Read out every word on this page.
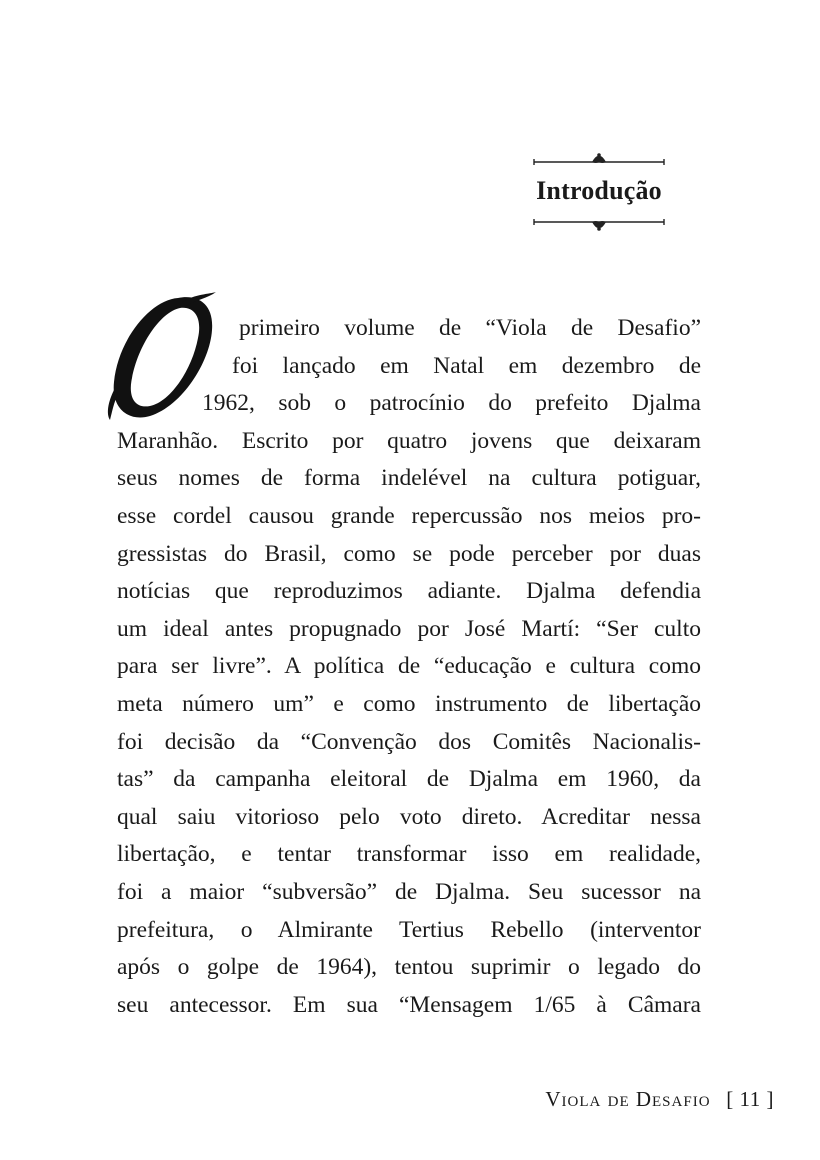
Introdução
primeiro volume de “Viola de Desafio”
foi lançado em Natal em dezembro de
1962, sob o patrocínio do prefeito Djalma
Maranhão. Escrito por quatro jovens que deixaram
seus nomes de forma indelével na cultura potiguar,
esse cordel causou grande repercussão nos meios pro-
gressistas do Brasil, como se pode perceber por duas
notícias que reproduzimos adiante. Djalma defendia
um ideal antes propugnado por José Martí: “Ser culto
para ser livre”. A política de “educação e cultura como
meta número um” e como instrumento de libertação
foi decisão da “Convenção dos Comitês Nacionalis-
tas” da campanha eleitoral de Djalma em 1960, da
qual saiu vitorioso pelo voto direto. Acreditar nessa
libertação, e tentar transformar isso em realidade,
foi a maior “subversão” de Djalma. Seu sucessor na
prefeitura, o Almirante Tertius Rebello (interventor
após o golpe de 1964), tentou suprimir o legado do
seu antecessor. Em sua “Mensagem 1/65 à Câmara
Viola de Desafio [ 11 ]
